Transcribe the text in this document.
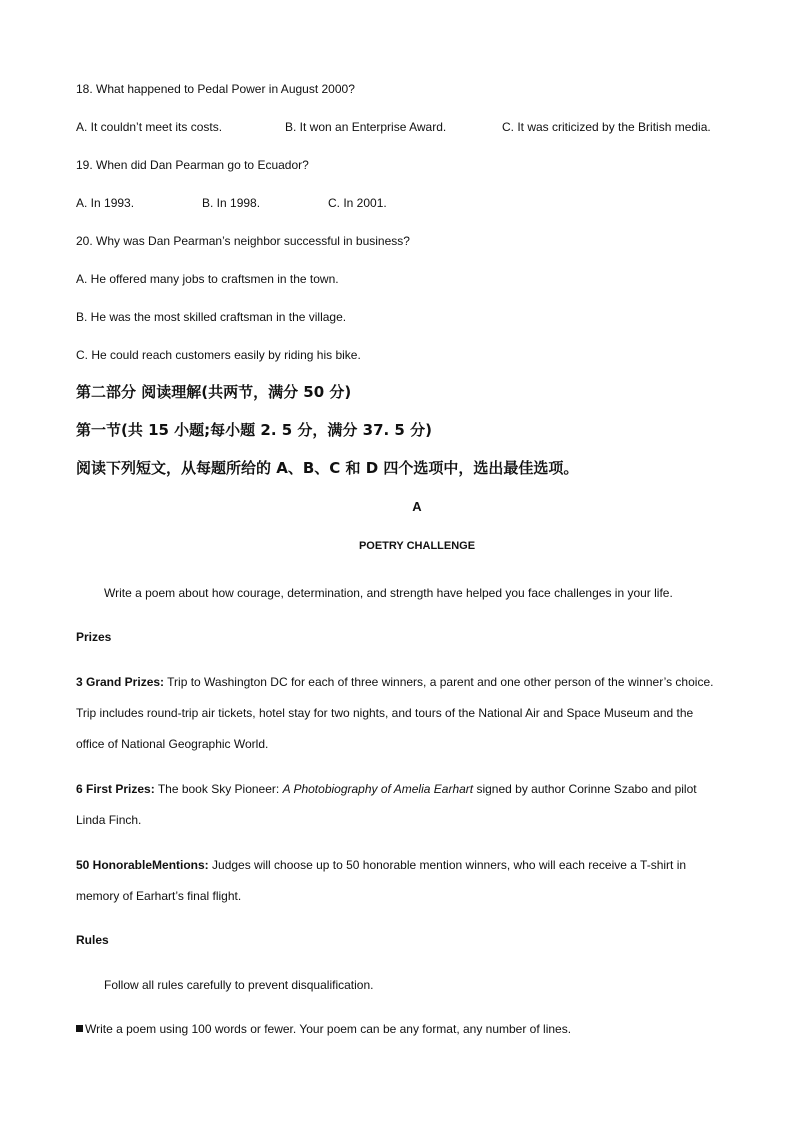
18. What happened to Pedal Power in August 2000?
A. It couldn’t meet its costs.	B. It won an Enterprise Award.	C. It was criticized by the British media.
19. When did Dan Pearman go to Ecuador?
A. In 1993.	B. In 1998.	C. In 2001.
20. Why was Dan Pearman’s neighbor successful in business?
A. He offered many jobs to craftsmen in the town.
B. He was the most skilled craftsman in the village.
C. He could reach customers easily by riding his bike.
第二部分 阅读理解(共两节，满分 50 分)
第一节(共 15 小题;每小题 2. 5 分，满分 37. 5 分)
阅读下列短文，从每题所给的 A、B、C 和 D 四个选项中，选出最佳选项。
A
POETRY CHALLENGE
Write a poem about how courage, determination, and strength have helped you face challenges in your life.
Prizes
3 Grand Prizes: Trip to Washington DC for each of three winners, a parent and one other person of the winner’s choice.
Trip includes round-trip air tickets, hotel stay for two nights, and tours of the National Air and Space Museum and the
office of National Geographic World.
6 First Prizes: The book Sky Pioneer: A Photobiography of Amelia Earhart signed by author Corinne Szabo and pilot
Linda Finch.
50 HonorableMentions: Judges will choose up to 50 honorable mention winners, who will each receive a T-shirt in
memory of Earhart’s final flight.
Rules
Follow all rules carefully to prevent disqualification.
Write a poem using 100 words or fewer. Your poem can be any format, any number of lines.
